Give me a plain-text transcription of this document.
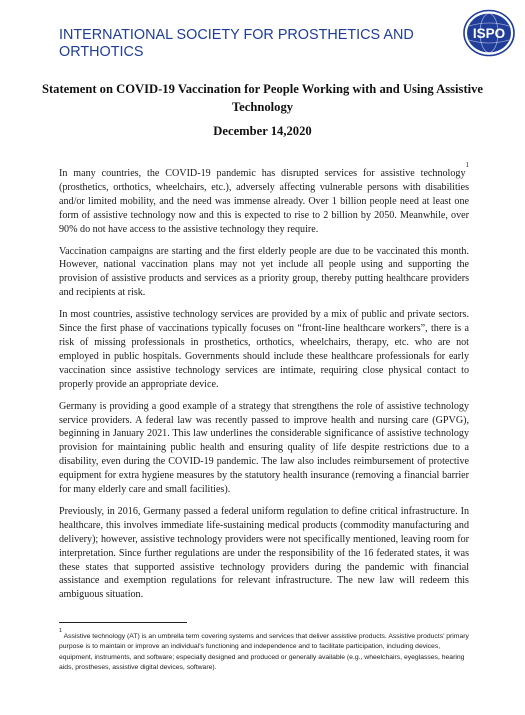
INTERNATIONAL SOCIETY FOR PROSTHETICS AND ORTHOTICS
ISPO
Statement on COVID-19 Vaccination for People Working with and Using Assistive Technology
December 14,2020

In many countries, the COVID-19 pandemic has disrupted services for assistive technology$^1$ (prosthetics, orthotics, wheelchairs, etc.), adversely affecting vulnerable persons with disabilities and/or limited mobility, and the need was immense already. Over 1 billion people need at least one form of assistive technology now and this is expected to rise to 2 billion by 2050. Meanwhile, over 90% do not have access to the assistive technology they require.

Vaccination campaigns are starting and the first elderly people are due to be vaccinated this month. However, national vaccination plans may not yet include all people using and supporting the provision of assistive products and services as a priority group, thereby putting healthcare providers and recipients at risk.

In most countries, assistive technology services are provided by a mix of public and private sectors. Since the first phase of vaccinations typically focuses on “front-line healthcare workers”, there is a risk of missing professionals in prosthetics, orthotics, wheelchairs, therapy, etc. who are not employed in public hospitals. Governments should include these healthcare professionals for early vaccination since assistive technology services are intimate, requiring close physical contact to properly provide an appropriate device.

Germany is providing a good example of a strategy that strengthens the role of assistive technology service providers. A federal law was recently passed to improve health and nursing care (GPVG), beginning in January 2021. This law underlines the considerable significance of assistive technology provision for maintaining public health and ensuring quality of life despite restrictions due to a disability, even during the COVID-19 pandemic. The law also includes reimbursement of protective equipment for extra hygiene measures by the statutory health insurance (removing a financial barrier for many elderly care and small facilities).

Previously, in 2016, Germany passed a federal uniform regulation to define critical infrastructure. In healthcare, this involves immediate life-sustaining medical products (commodity manufacturing and delivery); however, assistive technology providers were not specifically mentioned, leaving room for interpretation. Since further regulations are under the responsibility of the 16 federated states, it was these states that supported assistive technology providers during the pandemic with financial assistance and exemption regulations for relevant infrastructure. The new law will redeem this ambiguous situation.

$^1$ Assistive technology (AT) is an umbrella term covering systems and services that deliver assistive products. Assistive products’ primary purpose is to maintain or improve an individual’s functioning and independence and to facilitate participation, including devices, equipment, instruments, and software; especially designed and produced or generally available (e.g., wheelchairs, eyeglasses, hearing aids, prostheses, assistive digital devices, software).
